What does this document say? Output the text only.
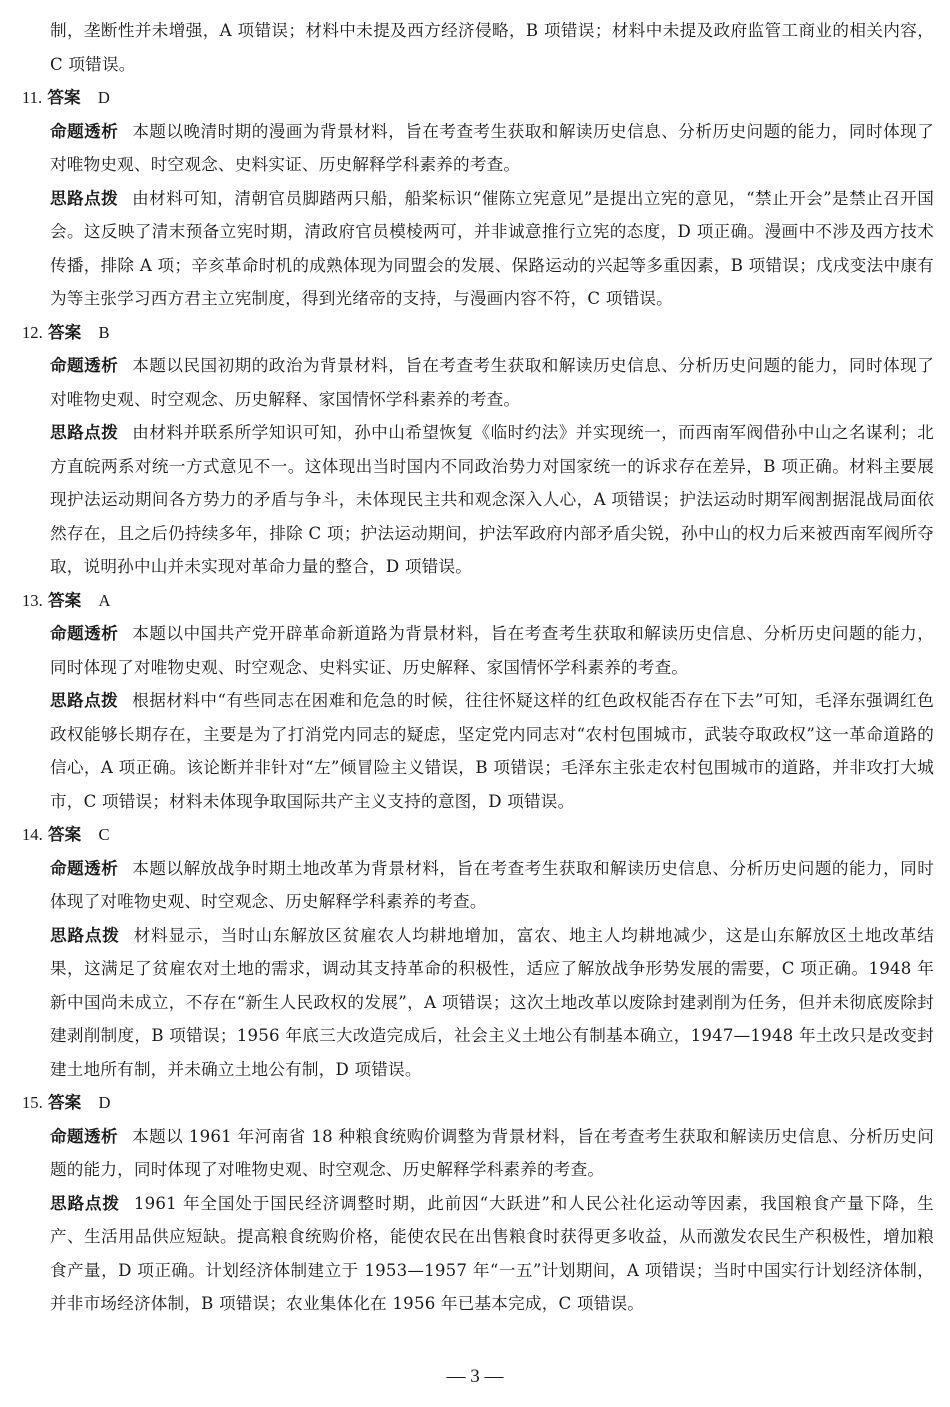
制，垄断性并未增强，A 项错误；材料中未提及西方经济侵略，B 项错误；材料中未提及政府监管工商业的相关内容，C 项错误。

11. 答案 D

命题透析 本题以晚清时期的漫画为背景材料，旨在考查考生获取和解读历史信息、分析历史问题的能力，同时体现了对唯物史观、时空观念、史料实证、历史解释学科素养的考查。

思路点拨 由材料可知，清朝官员脚踏两只船，船桨标识“催陈立宪意见”是提出立宪的意见，“禁止开会”是禁止召开国会。这反映了清末预备立宪时期，清政府官员模棱两可，并非诚意推行立宪的态度，D 项正确。漫画中不涉及西方技术传播，排除 A 项；辛亥革命时机的成熟体现为同盟会的发展、保路运动的兴起等多重因素，B 项错误；戊戌变法中康有为等主张学习西方君主立宪制度，得到光绪帝的支持，与漫画内容不符，C 项错误。

12. 答案 B

命题透析 本题以民国初期的政治为背景材料，旨在考查考生获取和解读历史信息、分析历史问题的能力，同时体现了对唯物史观、时空观念、历史解释、家国情怀学科素养的考查。

思路点拨 由材料并联系所学知识可知，孙中山希望恢复《临时约法》并实现统一，而西南军阀借孙中山之名谋利；北方直皖两系对统一方式意见不一。这体现出当时国内不同政治势力对国家统一的诉求存在差异，B 项正确。材料主要展现护法运动期间各方势力的矛盾与争斗，未体现民主共和观念深入人心，A 项错误；护法运动时期军阀割据混战局面依然存在，且之后仍持续多年，排除 C 项；护法运动期间，护法军政府内部矛盾尖锐，孙中山的权力后来被西南军阀所夺取，说明孙中山并未实现对革命力量的整合，D 项错误。

13. 答案 A

命题透析 本题以中国共产党开辟革命新道路为背景材料，旨在考查考生获取和解读历史信息、分析历史问题的能力，同时体现了对唯物史观、时空观念、史料实证、历史解释、家国情怀学科素养的考查。

思路点拨 根据材料中“有些同志在困难和危急的时候，往往怀疑这样的红色政权能否存在下去”可知，毛泽东强调红色政权能够长期存在，主要是为了打消党内同志的疑虑，坚定党内同志对“农村包围城市，武装夺取政权”这一革命道路的信心，A 项正确。该论断并非针对“左”倾冒险主义错误，B 项错误；毛泽东主张走农村包围城市的道路，并非攻打大城市，C 项错误；材料未体现争取国际共产主义支持的意图，D 项错误。

14. 答案 C

命题透析 本题以解放战争时期土地改革为背景材料，旨在考查考生获取和解读历史信息、分析历史问题的能力，同时体现了对唯物史观、时空观念、历史解释学科素养的考查。

思路点拨 材料显示，当时山东解放区贫雇农人均耕地增加，富农、地主人均耕地减少，这是山东解放区土地改革结果，这满足了贫雇农对土地的需求，调动其支持革命的积极性，适应了解放战争形势发展的需要，C 项正确。1948 年新中国尚未成立，不存在“新生人民政权的发展”，A 项错误；这次土地改革以废除封建剥削为任务，但并未彻底废除封建剥削制度，B 项错误；1956 年底三大改造完成后，社会主义土地公有制基本确立，1947—1948 年土改只是改变封建土地所有制，并未确立土地公有制，D 项错误。

15. 答案 D

命题透析 本题以 1961 年河南省 18 种粮食统购价调整为背景材料，旨在考查考生获取和解读历史信息、分析历史问题的能力，同时体现了对唯物史观、时空观念、历史解释学科素养的考查。

思路点拨 1961 年全国处于国民经济调整时期，此前因“大跃进”和人民公社化运动等因素，我国粮食产量下降，生产、生活用品供应短缺。提高粮食统购价格，能使农民在出售粮食时获得更多收益，从而激发农民生产积极性，增加粮食产量，D 项正确。计划经济体制建立于 1953—1957 年“一五”计划期间，A 项错误；当时中国实行计划经济体制，并非市场经济体制，B 项错误；农业集体化在 1956 年已基本完成，C 项错误。

— 3 —
